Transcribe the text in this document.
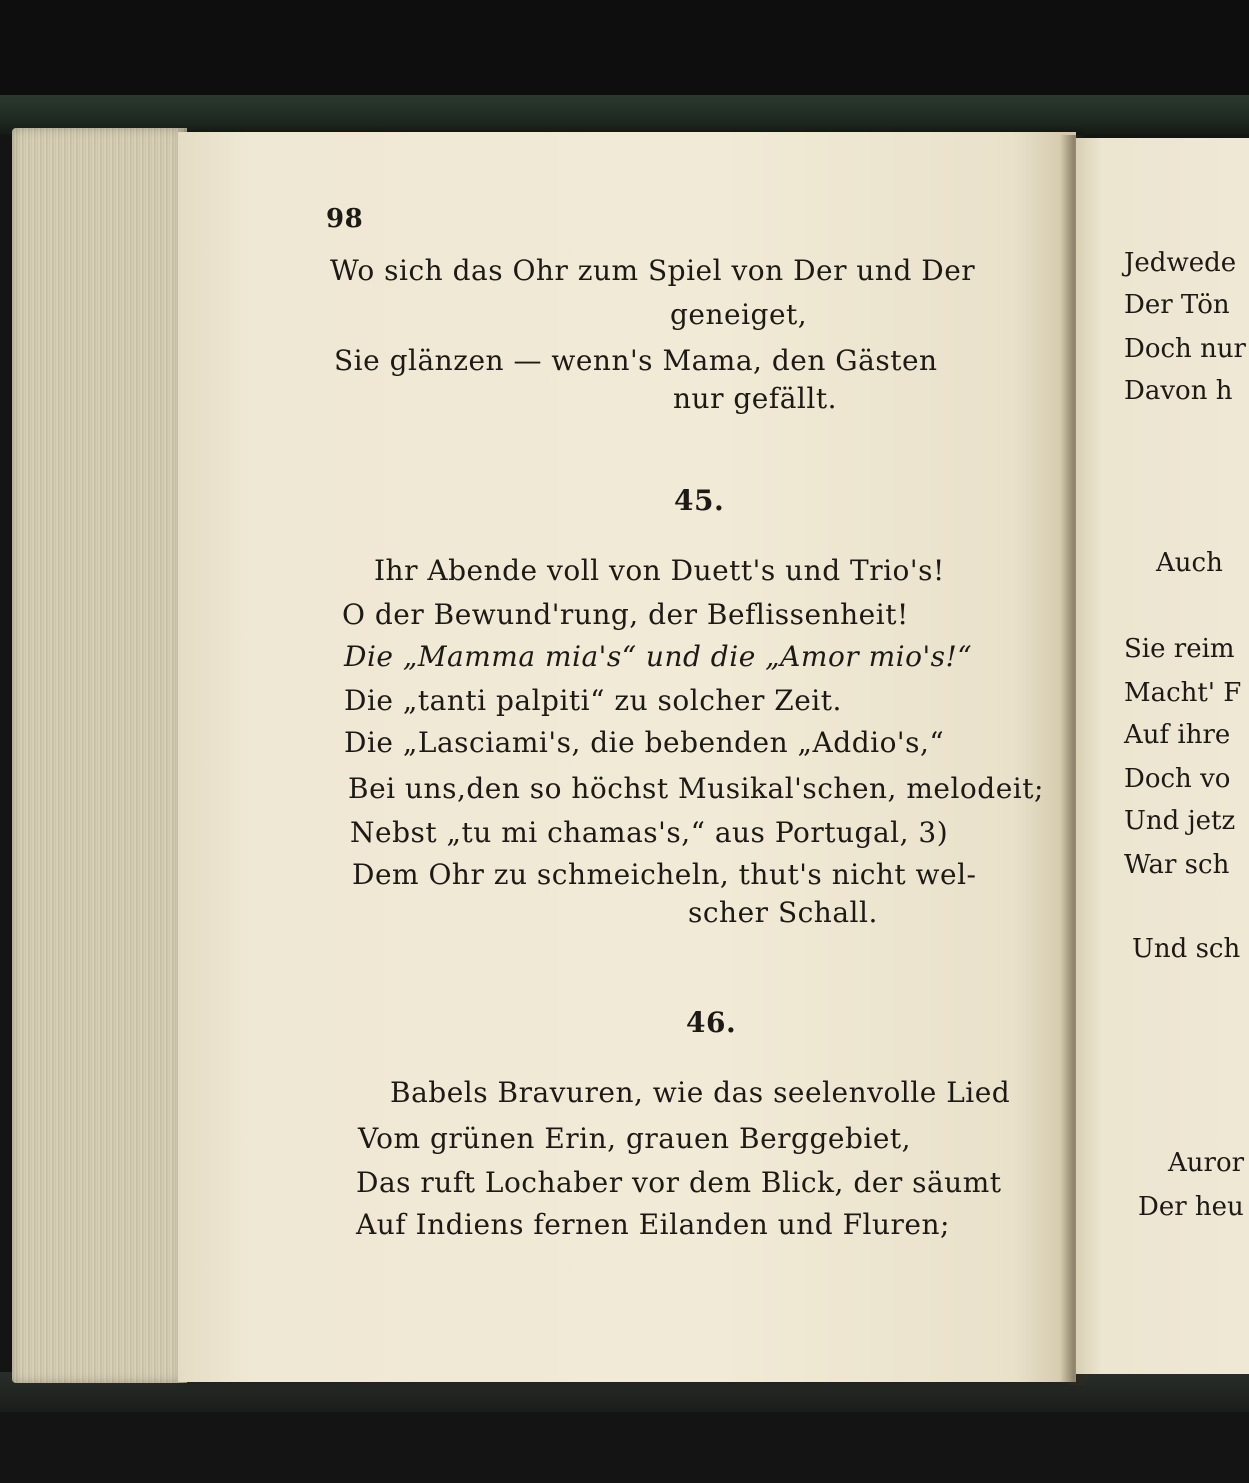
98
Wo sich das Ohr zum Spiel von Der und Der
geneiget,
Sie glänzen — wenn's Mama, den Gästen
nur gefällt.
45.
Ihr Abende voll von Duett's und Trio's!
O der Bewund'rung, der Beflissenheit!
Die „Mamma mia's“ und die „Amor mio's!“
Die „tanti palpiti“ zu solcher Zeit.
Die „Lasciami's, die bebenden „Addio's,“
Bei uns,den so höchst Musikal'schen, melodeit;
Nebst „tu mi chamas's,“ aus Portugal, 3)
Dem Ohr zu schmeicheln, thut's nicht wel-
scher Schall.
46.
Babels Bravuren, wie das seelenvolle Lied
Vom grünen Erin, grauen Berggebiet,
Das ruft Lochaber vor dem Blick, der säumt
Auf Indiens fernen Eilanden und Fluren;
Jedwede
Der Tön
Doch nur
Davon h
Auch
Sie reim
Macht' F
Auf ihre
Doch vo
Und jetz
War sch
Und sch
Auror
Der heu
